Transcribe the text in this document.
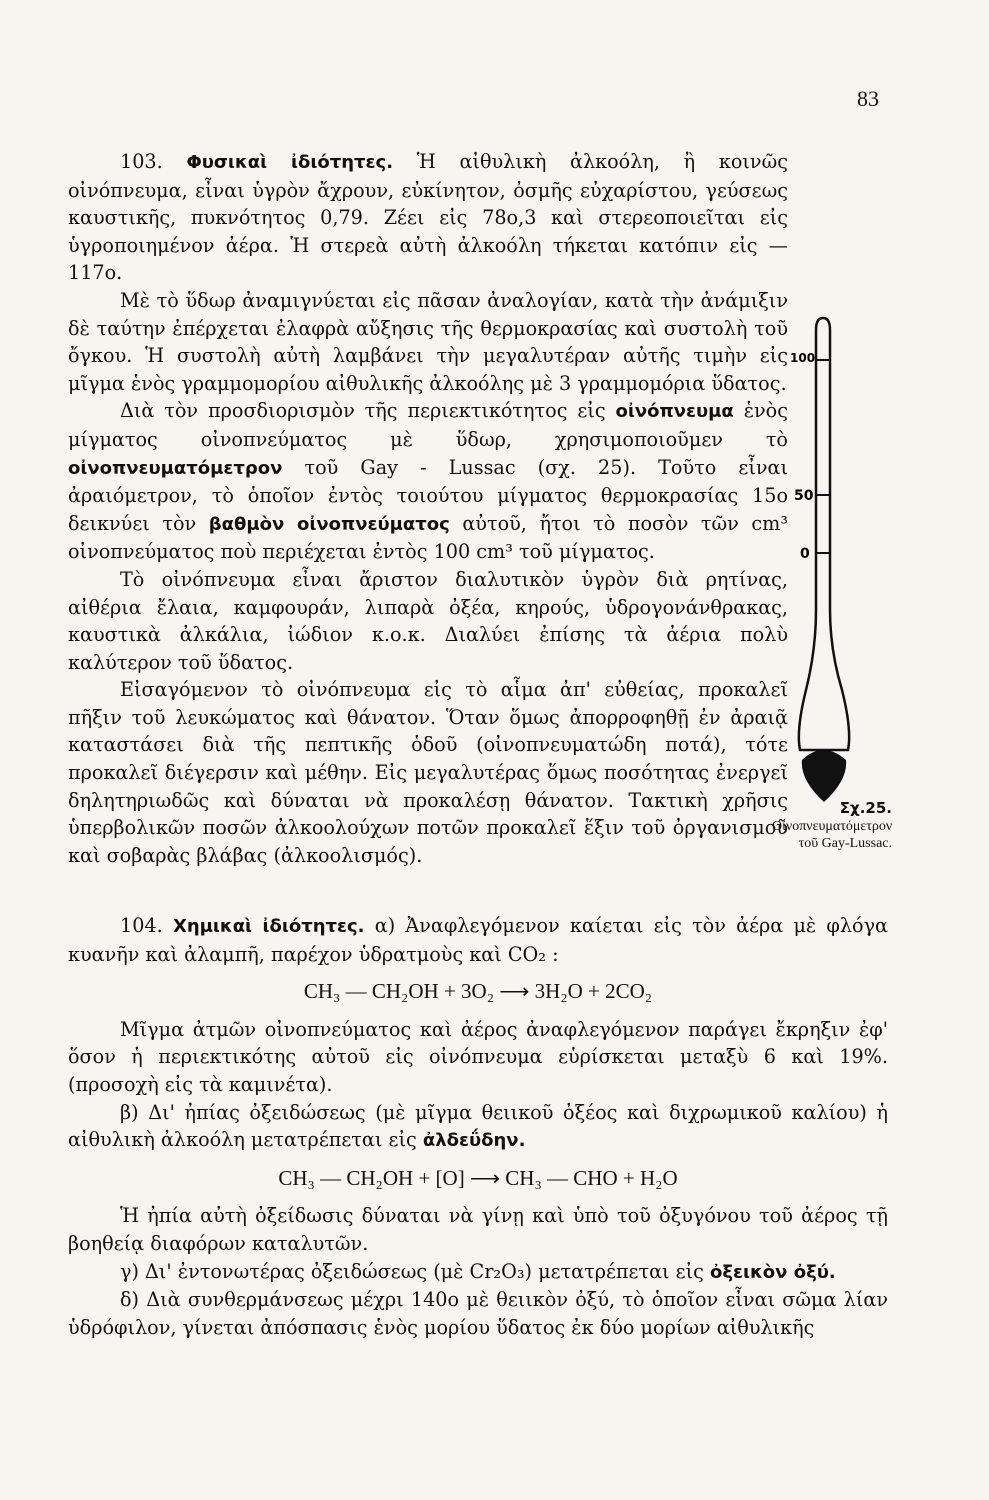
83

103. Φυσικαὶ ἰδιότητες. Ἡ αἰθυλικὴ ἀλκοόλη, ἢ κοινῶς οἰνόπνευμα, εἶναι ὑγρὸν ἄχρουν, εὐκίνητον, ὀσμῆς εὐχαρίστου, γεύσεως καυστικῆς, πυκνότητος 0,79. Ζέει εἰς 78ο,3 καὶ στερεοποιεῖται εἰς ὑγροποιημένον ἀέρα. Ἡ στερεὰ αὐτὴ ἀλκοόλη τήκεται κατόπιν εἰς — 117ο.

Μὲ τὸ ὕδωρ ἀναμιγνύεται εἰς πᾶσαν ἀναλογίαν, κατὰ τὴν ἀνάμιξιν δὲ ταύτην ἐπέρχεται ἐλαφρὰ αὔξησις τῆς θερμοκρασίας καὶ συστολὴ τοῦ ὄγκου. Ἡ συστολὴ αὐτὴ λαμβάνει τὴν μεγαλυτέραν αὐτῆς τιμὴν εἰς μῖγμα ἑνὸς γραμμομορίου αἰθυλικῆς ἀλκοόλης μὲ 3 γραμμομόρια ὕδατος.

Διὰ τὸν προσδιορισμὸν τῆς περιεκτικότητος εἰς οἰνόπνευμα ἑνὸς μίγματος οἰνοπνεύματος μὲ ὕδωρ, χρησιμοποιοῦμεν τὸ οἰνοπνευματόμετρον τοῦ Gay - Lussac (σχ. 25). Τοῦτο εἶναι ἀραιόμετρον, τὸ ὁποῖον ἐντὸς τοιούτου μίγματος θερμοκρασίας 15ο δεικνύει τὸν βαθμὸν οἰνοπνεύματος αὐτοῦ, ἤτοι τὸ ποσὸν τῶν cm³ οἰνοπνεύματος ποὺ περιέχεται ἐντὸς 100 cm³ τοῦ μίγματος.

Τὸ οἰνόπνευμα εἶναι ἄριστον διαλυτικὸν ὑγρὸν διὰ ρητίνας, αἰθέρια ἔλαια, καμφουράν, λιπαρὰ ὀξέα, κηρούς, ὑδρογονάνθρακας, καυστικὰ ἀλκάλια, ἰώδιον κ.ο.κ. Διαλύει ἐπίσης τὰ ἀέρια πολὺ καλύτερον τοῦ ὕδατος.

Εἰσαγόμενον τὸ οἰνόπνευμα εἰς τὸ αἷμα ἀπ' εὐθείας, προκαλεῖ πῆξιν τοῦ λευκώματος καὶ θάνατον. Ὅταν ὅμως ἀπορροφηθῇ ἐν ἀραιᾷ καταστάσει διὰ τῆς πεπτικῆς ὁδοῦ (οἰνοπνευματώδη ποτά), τότε προκαλεῖ διέγερσιν καὶ μέθην. Εἰς μεγαλυτέρας ὅμως ποσότητας ἐνεργεῖ δηλητηριωδῶς καὶ δύναται νὰ προκαλέσῃ θάνατον. Τακτικὴ χρῆσις ὑπερβολικῶν ποσῶν ἀλκοολούχων ποτῶν προκαλεῖ ἕξιν τοῦ ὀργανισμοῦ καὶ σοβαρὰς βλάβας (ἀλκοολισμός).

100
50
0
Σχ.25. Οἰνοπνευματόμετρον τοῦ Gay-Lussac.

104. Χημικαὶ ἰδιότητες. α) Ἀναφλεγόμενον καίεται εἰς τὸν ἀέρα μὲ φλόγα κυανῆν καὶ ἀλαμπῆ, παρέχον ὑδρατμοὺς καὶ CO₂ :

CH₃ — CH₂OH + 3O₂ ⟶ 3H₂O + 2CO₂

Μῖγμα ἀτμῶν οἰνοπνεύματος καὶ ἀέρος ἀναφλεγόμενον παράγει ἔκρηξιν ἐφ' ὅσον ἡ περιεκτικότης αὐτοῦ εἰς οἰνόπνευμα εὑρίσκεται μεταξὺ 6 καὶ 19%. (προσοχὴ εἰς τὰ καμινέτα).

β) Δι' ἠπίας ὀξειδώσεως (μὲ μῖγμα θειικοῦ ὀξέος καὶ διχρωμικοῦ καλίου) ἡ αἰθυλικὴ ἀλκοόλη μετατρέπεται εἰς ἀλδεΰδην.

CH₃ — CH₂OH + [O] ⟶ CH₃ — CHO + H₂O

Ἡ ἠπία αὐτὴ ὀξείδωσις δύναται νὰ γίνῃ καὶ ὑπὸ τοῦ ὀξυγόνου τοῦ ἀέρος τῇ βοηθείᾳ διαφόρων καταλυτῶν.

γ) Δι' ἐντονωτέρας ὀξειδώσεως (μὲ Cr₂O₃) μετατρέπεται εἰς ὀξεικὸν ὀξύ.

δ) Διὰ συνθερμάνσεως μέχρι 140ο μὲ θειικὸν ὀξύ, τὸ ὁποῖον εἶναι σῶμα λίαν ὑδρόφιλον, γίνεται ἀπόσπασις ἑνὸς μορίου ὕδατος ἐκ δύο μορίων αἰθυλικῆς
